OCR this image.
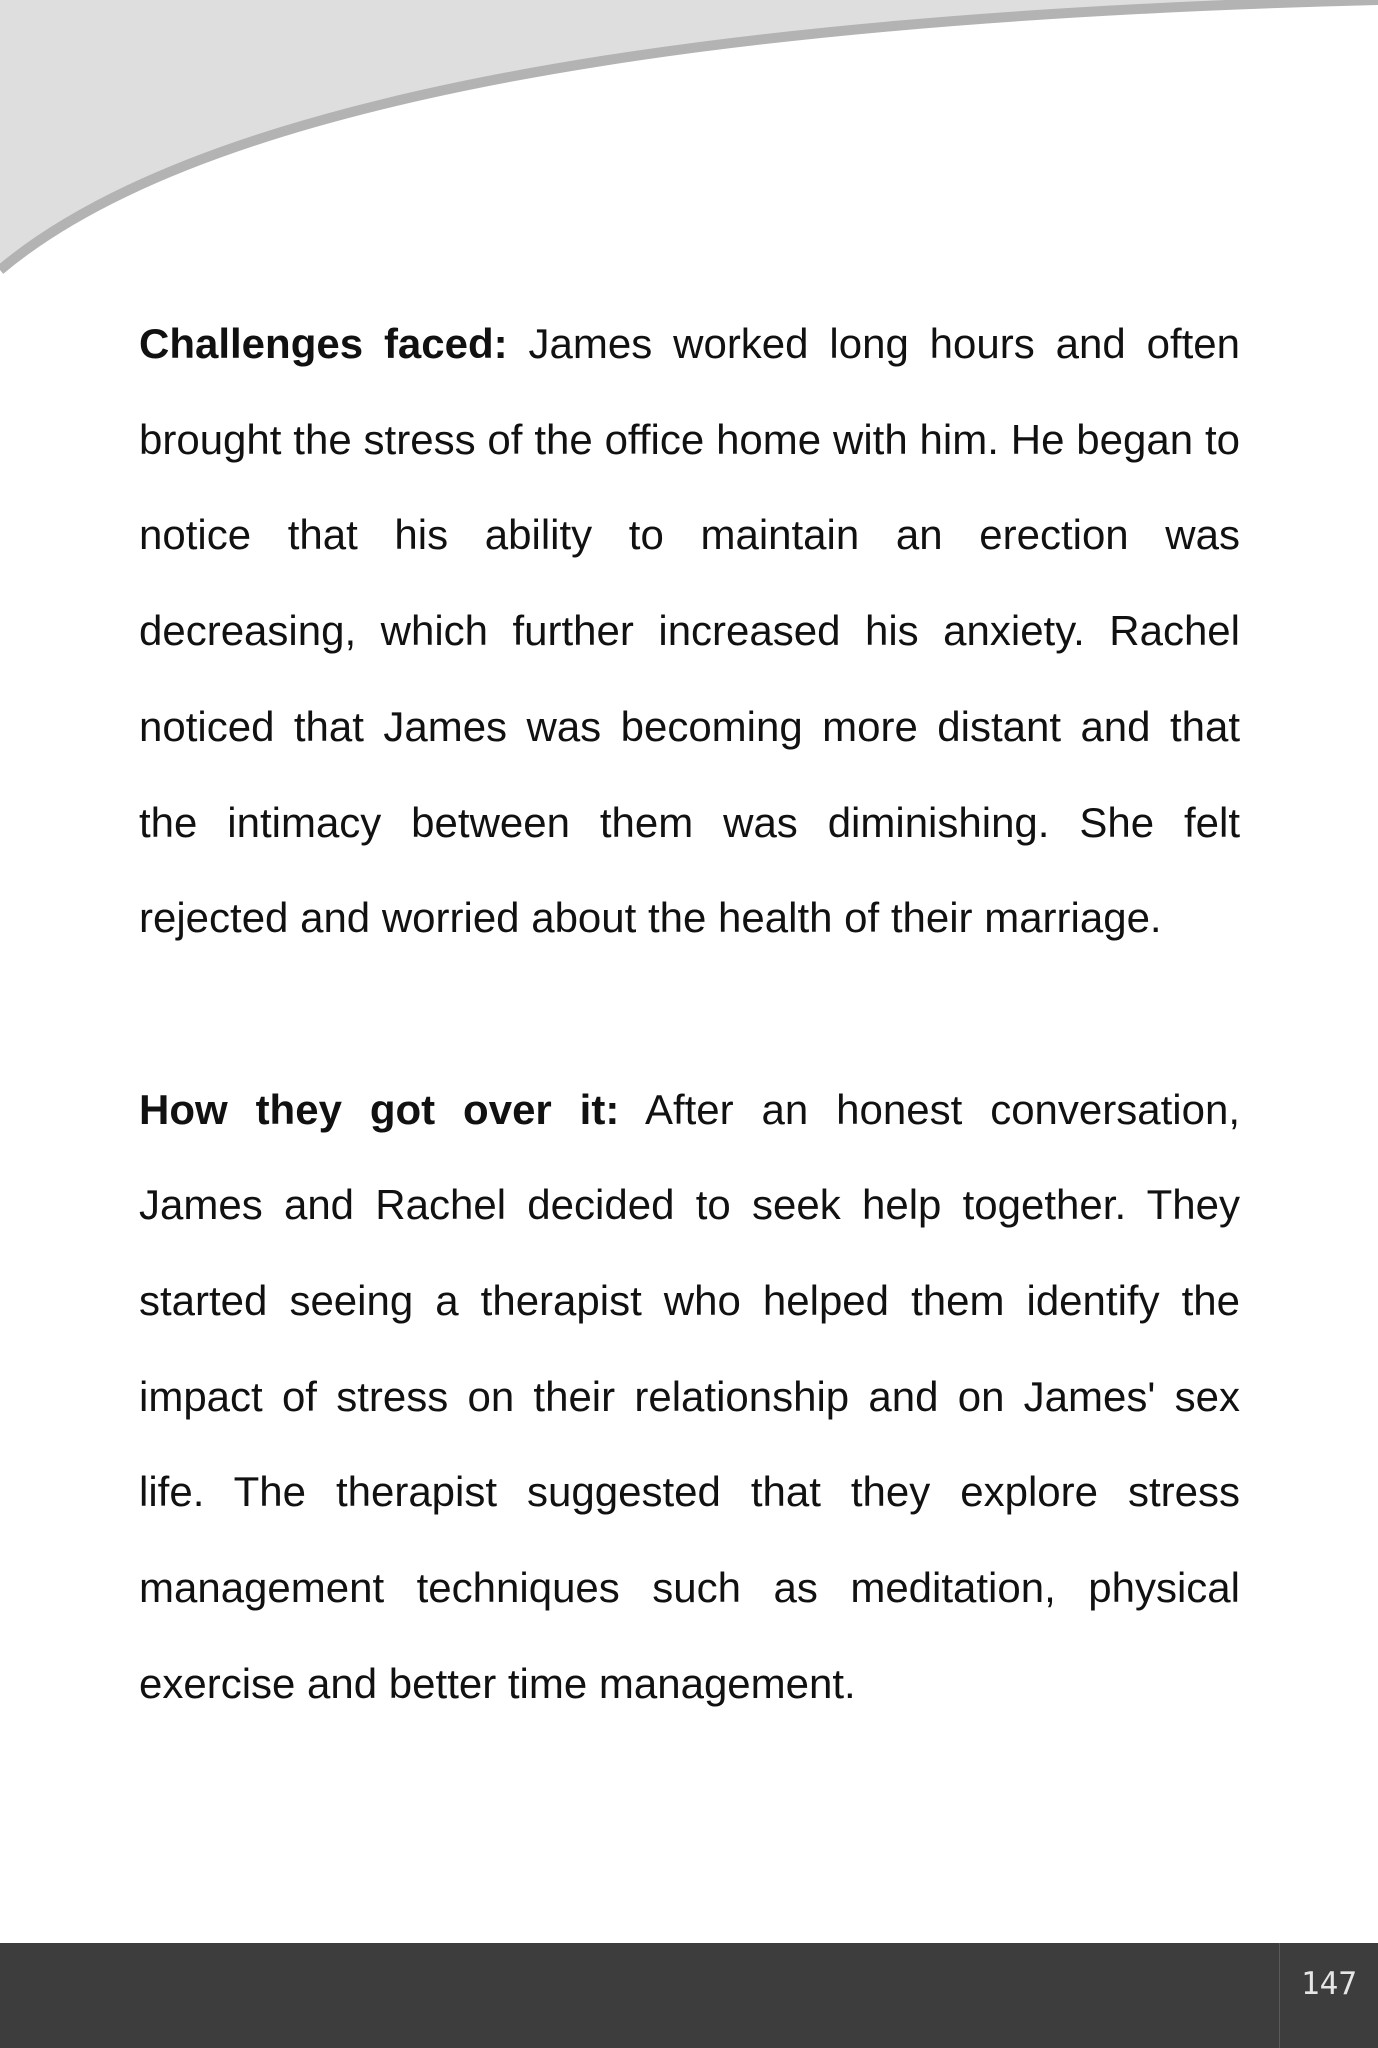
Challenges faced: James worked long hours and often brought the stress of the office home with him. He began to notice that his ability to maintain an erection was decreasing, which further increased his anxiety. Rachel noticed that James was becoming more distant and that the intimacy between them was diminishing. She felt rejected and worried about the health of their marriage.

How they got over it: After an honest conversation, James and Rachel decided to seek help together. They started seeing a therapist who helped them identify the impact of stress on their relationship and on James' sex life. The therapist suggested that they explore stress management techniques such as meditation, physical exercise and better time management.

147
